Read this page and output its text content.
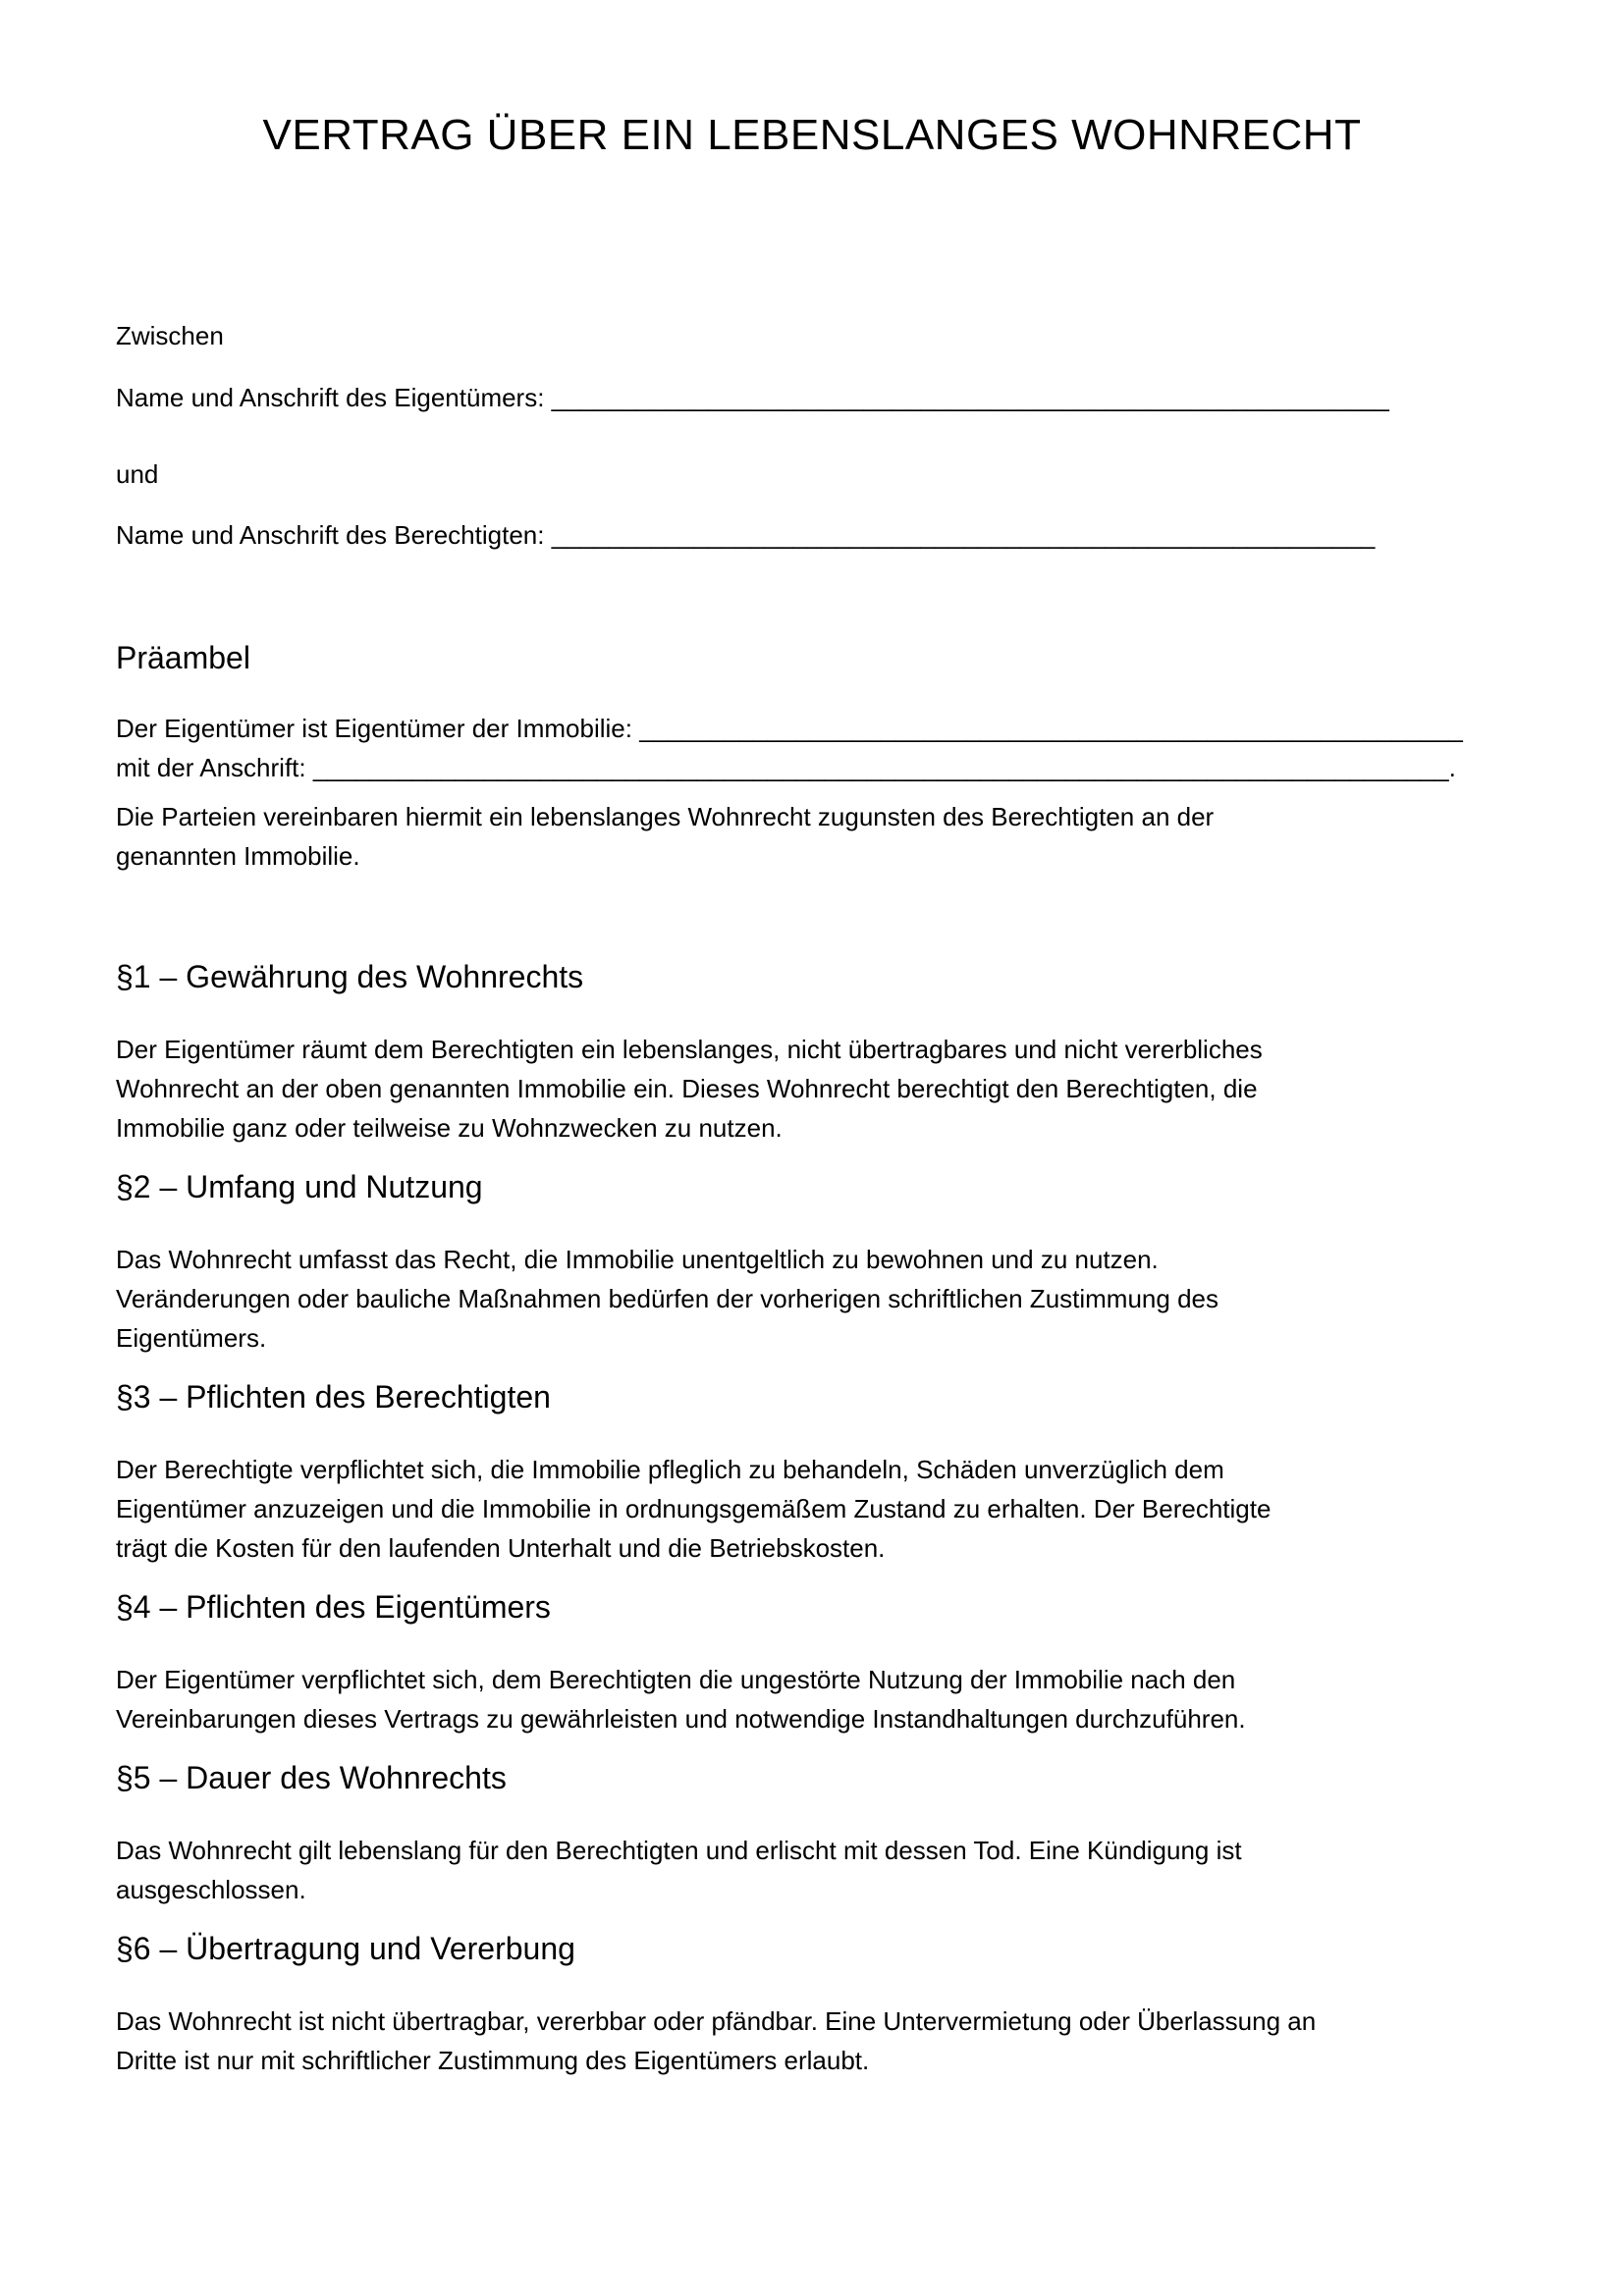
VERTRAG ÜBER EIN LEBENSLANGES WOHNRECHT

Zwischen

Name und Anschrift des Eigentümers: ___________________________________________________________

und

Name und Anschrift des Berechtigten: __________________________________________________________

Präambel

Der Eigentümer ist Eigentümer der Immobilie: __________________________________________________________
mit der Anschrift: ________________________________________________________________________________.

Die Parteien vereinbaren hiermit ein lebenslanges Wohnrecht zugunsten des Berechtigten an der
genannten Immobilie.

§1 – Gewährung des Wohnrechts

Der Eigentümer räumt dem Berechtigten ein lebenslanges, nicht übertragbares und nicht vererbliches
Wohnrecht an der oben genannten Immobilie ein. Dieses Wohnrecht berechtigt den Berechtigten, die
Immobilie ganz oder teilweise zu Wohnzwecken zu nutzen.

§2 – Umfang und Nutzung

Das Wohnrecht umfasst das Recht, die Immobilie unentgeltlich zu bewohnen und zu nutzen.
Veränderungen oder bauliche Maßnahmen bedürfen der vorherigen schriftlichen Zustimmung des
Eigentümers.

§3 – Pflichten des Berechtigten

Der Berechtigte verpflichtet sich, die Immobilie pfleglich zu behandeln, Schäden unverzüglich dem
Eigentümer anzuzeigen und die Immobilie in ordnungsgemäßem Zustand zu erhalten. Der Berechtigte
trägt die Kosten für den laufenden Unterhalt und die Betriebskosten.

§4 – Pflichten des Eigentümers

Der Eigentümer verpflichtet sich, dem Berechtigten die ungestörte Nutzung der Immobilie nach den
Vereinbarungen dieses Vertrags zu gewährleisten und notwendige Instandhaltungen durchzuführen.

§5 – Dauer des Wohnrechts

Das Wohnrecht gilt lebenslang für den Berechtigten und erlischt mit dessen Tod. Eine Kündigung ist
ausgeschlossen.

§6 – Übertragung und Vererbung

Das Wohnrecht ist nicht übertragbar, vererbbar oder pfändbar. Eine Untervermietung oder Überlassung an
Dritte ist nur mit schriftlicher Zustimmung des Eigentümers erlaubt.
